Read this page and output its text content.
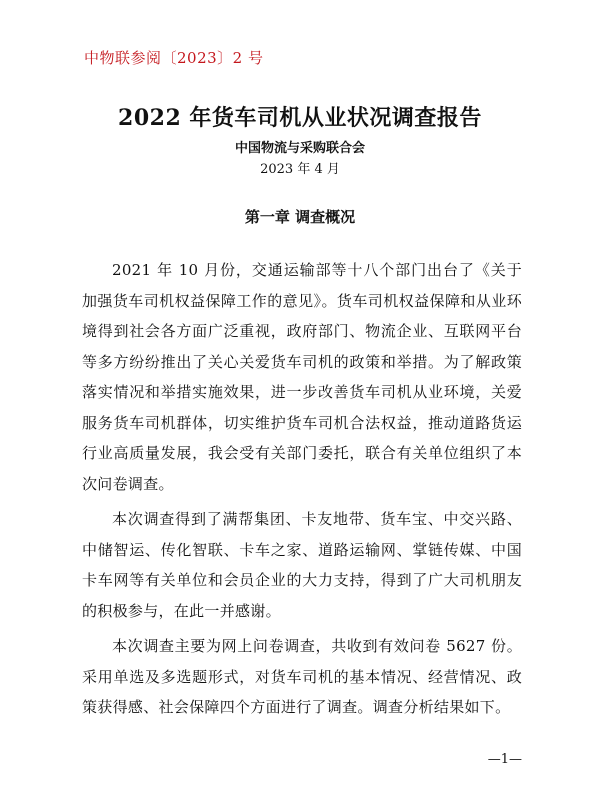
中物联参阅〔2023〕2 号
2022 年货车司机从业状况调查报告
中国物流与采购联合会
2023 年 4 月
第一章 调查概况

2021 年 10 月份，交通运输部等十八个部门出台了《关于加强货车司机权益保障工作的意见》。货车司机权益保障和从业环境得到社会各方面广泛重视，政府部门、物流企业、互联网平台等多方纷纷推出了关心关爱货车司机的政策和举措。为了解政策落实情况和举措实施效果，进一步改善货车司机从业环境，关爱服务货车司机群体，切实维护货车司机合法权益，推动道路货运行业高质量发展，我会受有关部门委托，联合有关单位组织了本次问卷调查。

本次调查得到了满帮集团、卡友地带、货车宝、中交兴路、中储智运、传化智联、卡车之家、道路运输网、掌链传媒、中国卡车网等有关单位和会员企业的大力支持，得到了广大司机朋友的积极参与，在此一并感谢。

本次调查主要为网上问卷调查，共收到有效问卷 5627 份。采用单选及多选题形式，对货车司机的基本情况、经营情况、政策获得感、社会保障四个方面进行了调查。调查分析结果如下。

—1—
